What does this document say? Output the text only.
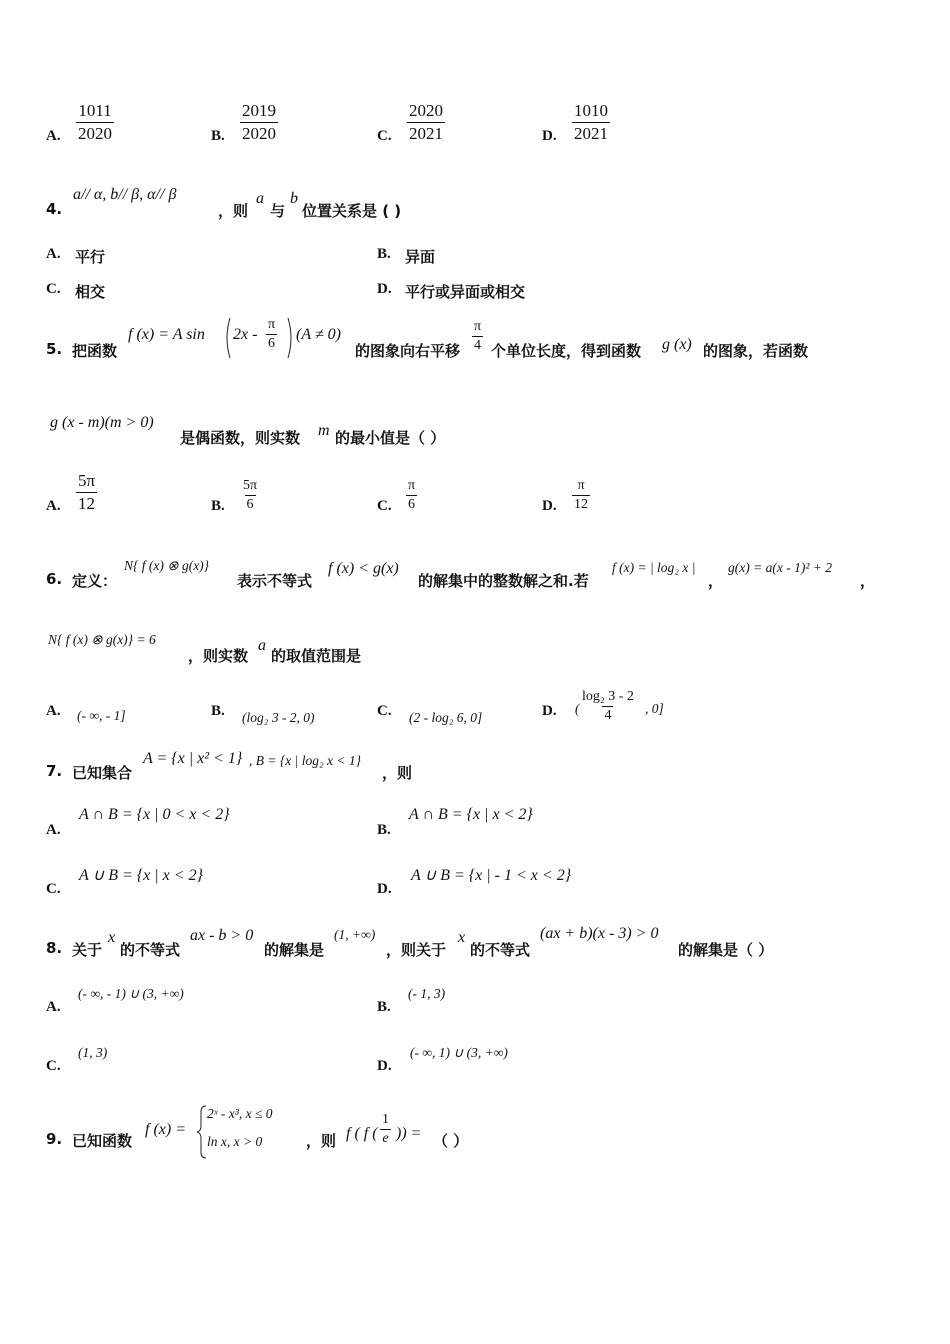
A. $\frac{1011}{2020}$	B. $\frac{2019}{2020}$	C. $\frac{2020}{2021}$	D. $\frac{1010}{2021}$
4.
a// α, b// β, α// β
，则
a
与
b
位置关系是 ( )
A. 平行	B. 异面
C. 相交	D. 平行或异面或相交
5. 把函数
f (x) = A $\sin 2x - \frac{\pi}{6} (A \ne 0)$
的图象向右平移 $\frac{\pi}{4}$ 个单位长度，得到函数 g (x) 的图象，若函数
g (x - m)(m > 0)
是偶函数，则实数 m 的最小值是（ ）
A. $\frac{5\pi}{12}$	B. $\frac{5\pi}{6}$	C. $\frac{\pi}{6}$	D. $\frac{\pi}{12}$
6. 定义：
N{ f (x) ⊗ g(x)}
表示不等式
f (x) < g(x)
的解集中的整数解之和.若
f (x) = | log₂ x |
，
g(x) = a(x - 1)² + 2
，
N{ f (x) ⊗ g(x)} = 6
，则实数
a
的取值范围是
A. (- ∞, - 1]	B. (log₂ 3 - 2, 0)	C. (2 - log₂ 6, 0]	D. ( $\frac{\text{log₂ 3 - 2}}{4}$ , 0]
7. 已知集合
A = {x | x² < 1} , B = {x | log₂ x < 1}
，则
A.
A ∩ B = {x | 0 < x < 2}
B.
A ∩ B = {x | x < 2}
C.
A ∪ B = {x | x < 2}
D.
A ∪ B = {x | - 1 < x < 2}
8. 关于
x
的不等式
ax - b > 0
的解集是
(1, +∞)
，则关于
x
的不等式
(ax + b)(x - 3) > 0
的解集是（ ）
A.
(- ∞, - 1) ∪ (3, +∞)
B.
(- 1, 3)
C.
(1, 3)
D.
(- ∞, 1) ∪ (3, +∞)
9. 已知函数
f (x) =
2ˣ - x³, x ≤ 0
ln x, x > 0	，则 f ( f ( $\frac{1}{e}$ )) = （ ）
